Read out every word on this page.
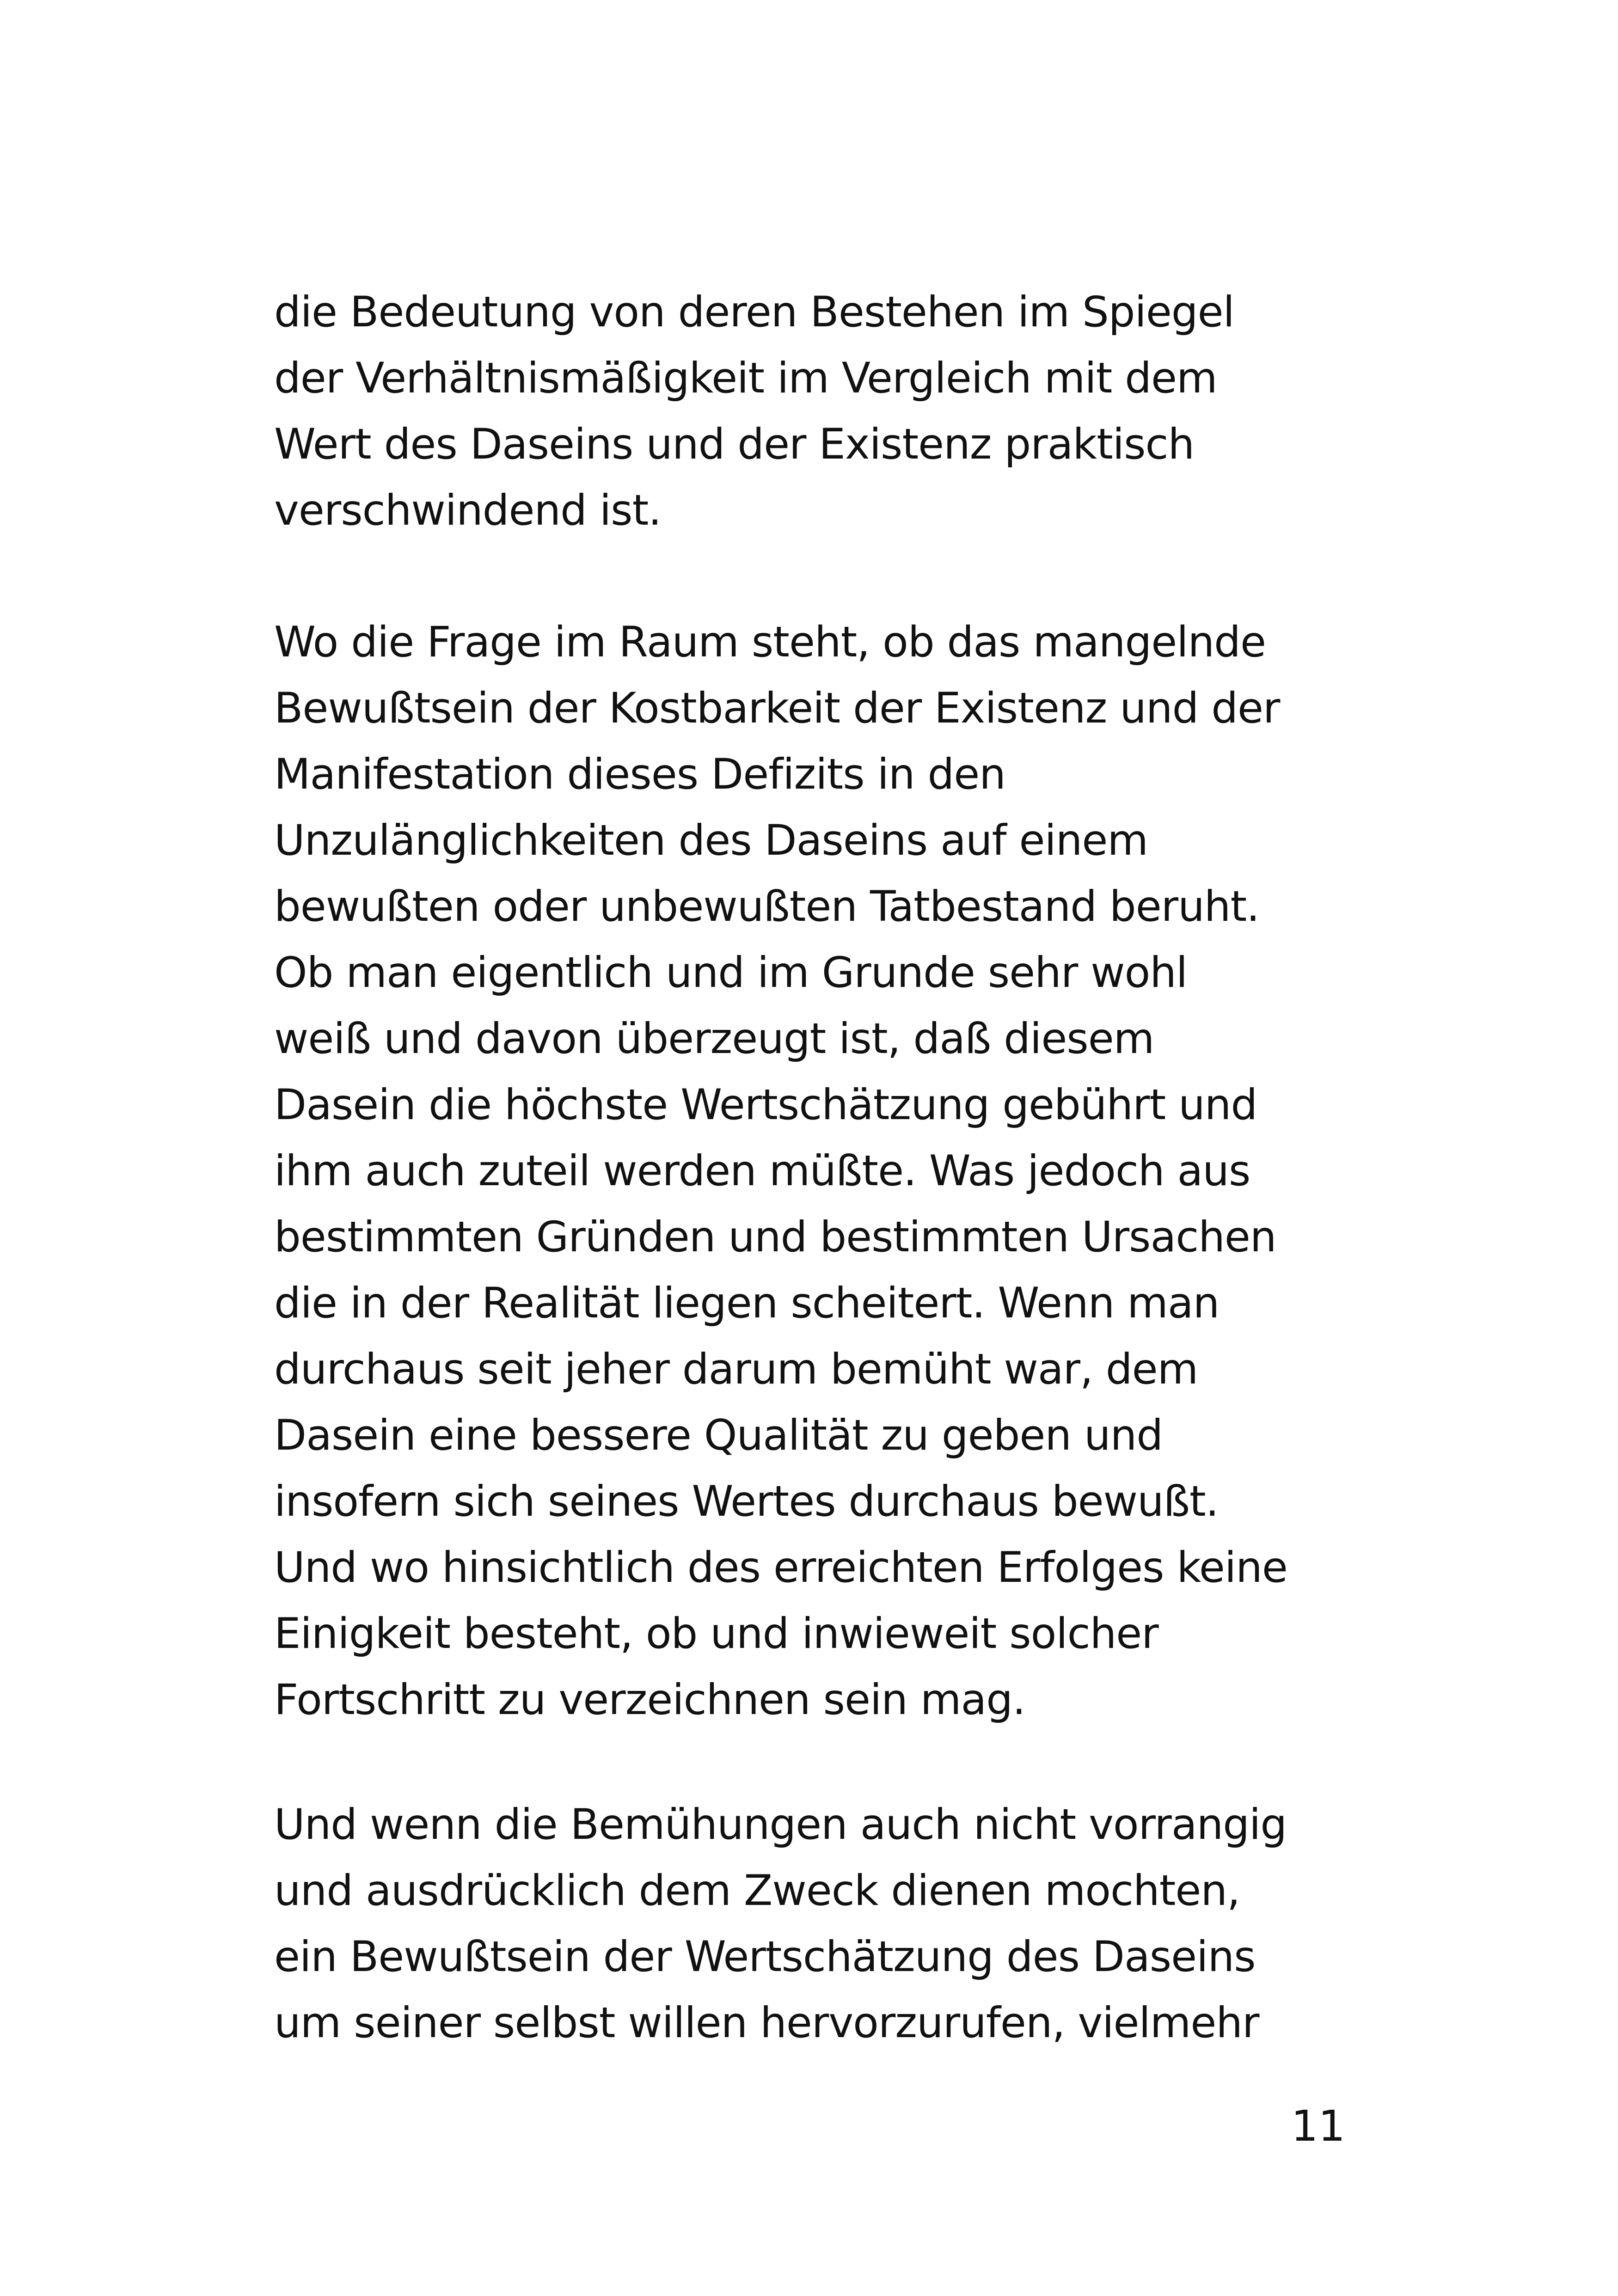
die Bedeutung von deren Bestehen im Spiegel
der Verhältnismäßigkeit im Vergleich mit dem
Wert des Daseins und der Existenz praktisch
verschwindend ist.
Wo die Frage im Raum steht, ob das mangelnde
Bewußtsein der Kostbarkeit der Existenz und der
Manifestation dieses Defizits in den
Unzulänglichkeiten des Daseins auf einem
bewußten oder unbewußten Tatbestand beruht.
Ob man eigentlich und im Grunde sehr wohl
weiß und davon überzeugt ist, daß diesem
Dasein die höchste Wertschätzung gebührt und
ihm auch zuteil werden müßte. Was jedoch aus
bestimmten Gründen und bestimmten Ursachen
die in der Realität liegen scheitert. Wenn man
durchaus seit jeher darum bemüht war, dem
Dasein eine bessere Qualität zu geben und
insofern sich seines Wertes durchaus bewußt.
Und wo hinsichtlich des erreichten Erfolges keine
Einigkeit besteht, ob und inwieweit solcher
Fortschritt zu verzeichnen sein mag.
Und wenn die Bemühungen auch nicht vorrangig
und ausdrücklich dem Zweck dienen mochten,
ein Bewußtsein der Wertschätzung des Daseins
um seiner selbst willen hervorzurufen, vielmehr
11
